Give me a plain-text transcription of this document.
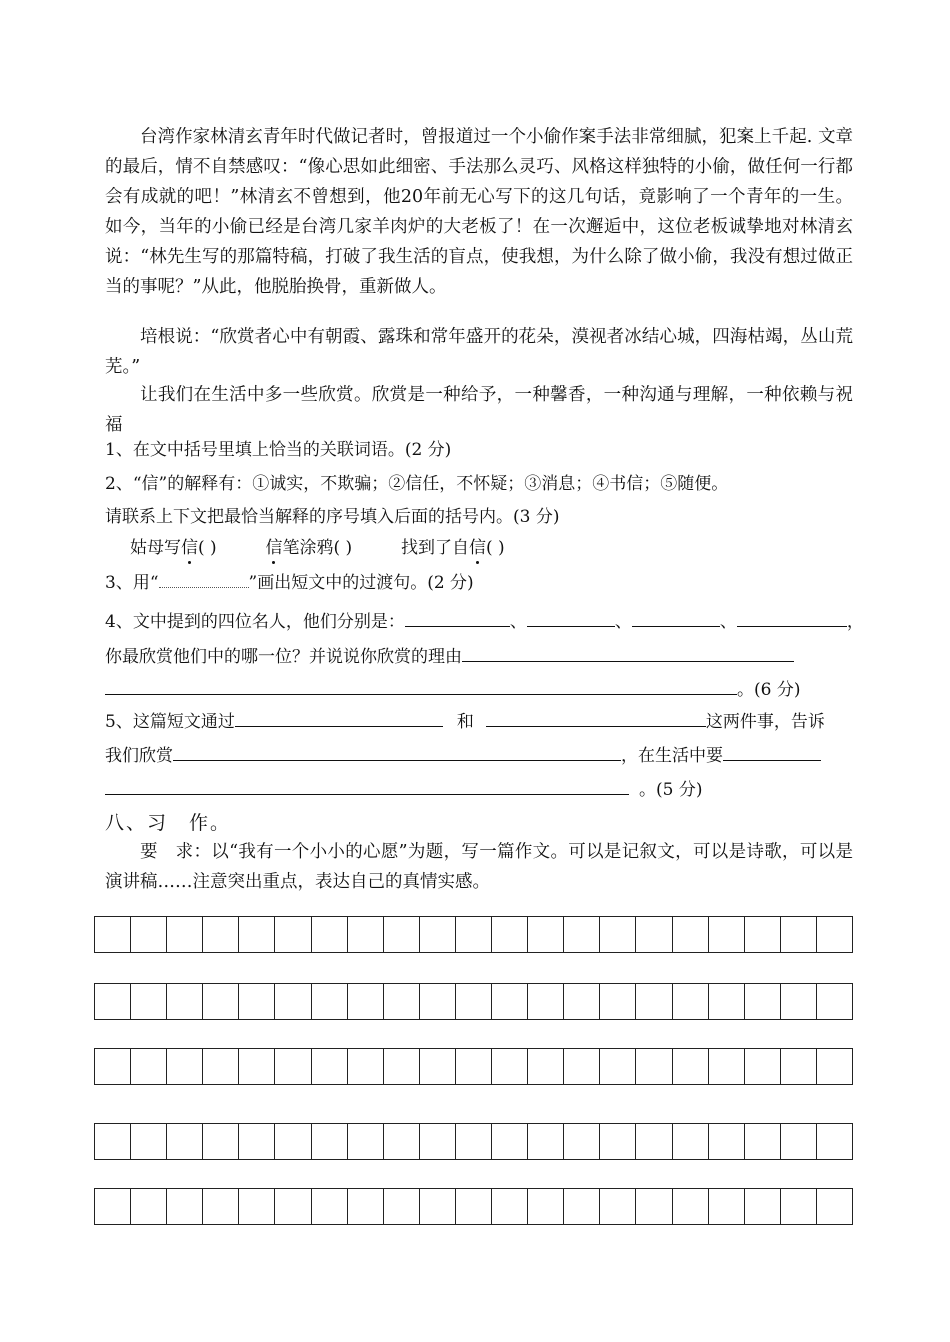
台湾作家林清玄青年时代做记者时，曾报道过一个小偷作案手法非常细腻，犯案上千起. 文章的最后，情不自禁感叹：“像心思如此细密、手法那么灵巧、风格这样独特的小偷，做任何一行都会有成就的吧！”林清玄不曾想到，他20年前无心写下的这几句话，竟影响了一个青年的一生。如今，当年的小偷已经是台湾几家羊肉炉的大老板了！在一次邂逅中，这位老板诚挚地对林清玄说：“林先生写的那篇特稿，打破了我生活的盲点，使我想，为什么除了做小偷，我没有想过做正当的事呢？”从此，他脱胎换骨，重新做人。

培根说：“欣赏者心中有朝霞、露珠和常年盛开的花朵，漠视者冰结心城，四海枯竭，丛山荒芜。”

让我们在生活中多一些欣赏。欣赏是一种给予，一种馨香，一种沟通与理解，一种依赖与祝福

1、在文中括号里填上恰当的关联词语。(2 分)

2、“信”的解释有：①诚实，不欺骗；②信任，不怀疑；③消息；④书信；⑤随便。

请联系上下文把最恰当解释的序号填入后面的括号内。(3 分)

姑母写信( )	信笔涂鸦( )	找到了自信( )
3、用“	”画出短文中的过渡句。(2 分)
4、文中提到的四位名人，他们分别是：	、	、	、	，
你最欣赏他们中的哪一位？并说说你欣赏的理由
。(6 分)
5、这篇短文通过	和	这两件事，告诉
我们欣赏	，在生活中要
。(5 分)

八、习　作。

要　求：以“我有一个小小的心愿”为题，写一篇作文。可以是记叙文，可以是诗歌，可以是演讲稿……注意突出重点，表达自己的真情实感。
